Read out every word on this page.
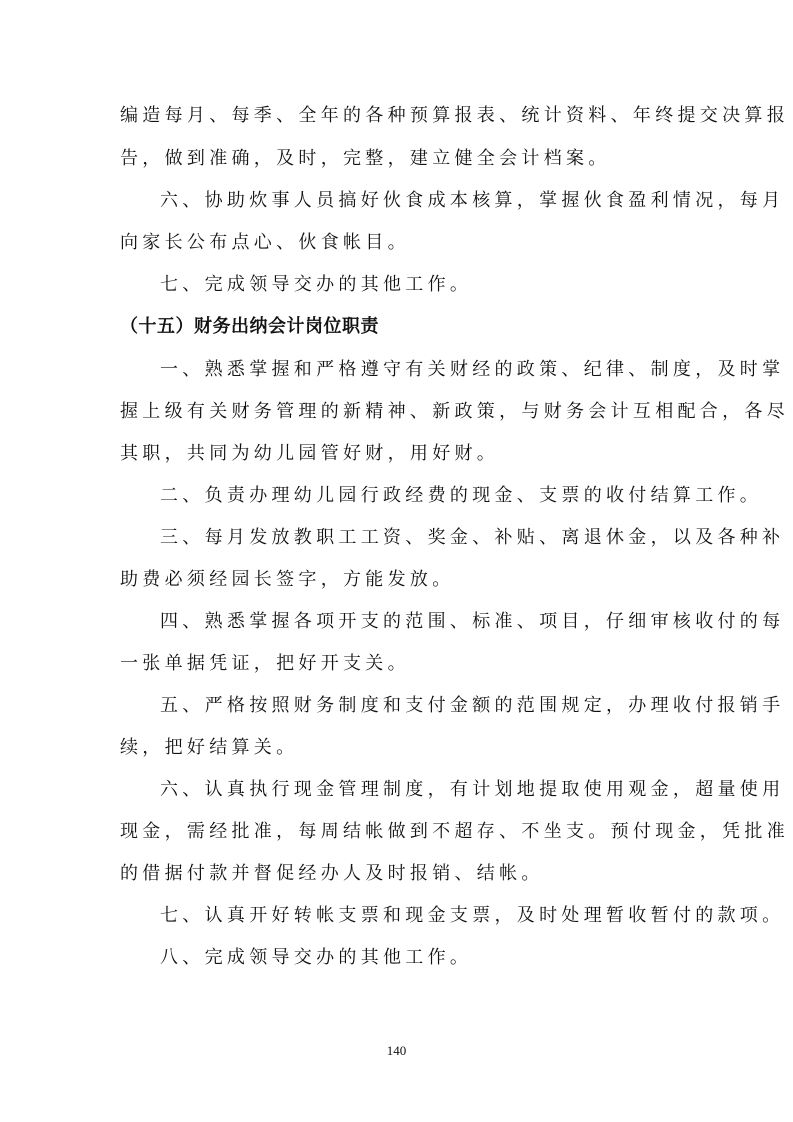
编造每月、每季、全年的各种预算报表、统计资料、年终提交决算报
告，做到准确，及时，完整，建立健全会计档案。
六、协助炊事人员搞好伙食成本核算，掌握伙食盈利情况，每月
向家长公布点心、伙食帐目。
七、完成领导交办的其他工作。
（十五）财务出纳会计岗位职责
一、熟悉掌握和严格遵守有关财经的政策、纪律、制度，及时掌
握上级有关财务管理的新精神、新政策，与财务会计互相配合，各尽
其职，共同为幼儿园管好财，用好财。
二、负责办理幼儿园行政经费的现金、支票的收付结算工作。
三、每月发放教职工工资、奖金、补贴、离退休金，以及各种补
助费必须经园长签字，方能发放。
四、熟悉掌握各项开支的范围、标准、项目，仔细审核收付的每
一张单据凭证，把好开支关。
五、严格按照财务制度和支付金额的范围规定，办理收付报销手
续，把好结算关。
六、认真执行现金管理制度，有计划地提取使用观金，超量使用
现金，需经批准，每周结帐做到不超存、不坐支。预付现金，凭批准
的借据付款并督促经办人及时报销、结帐。
七、认真开好转帐支票和现金支票，及时处理暂收暂付的款项。
八、完成领导交办的其他工作。
140
